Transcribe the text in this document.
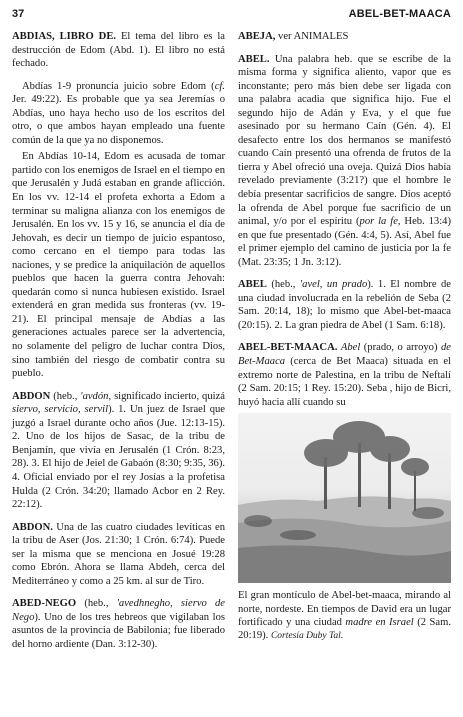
37	ABEL-BET-MAACA

ABDIAS, LIBRO DE. El tema del libro es la destrucción de Edom (Abd. 1). El libro no está fechado.

Abdías 1-9 pronuncia juicio sobre Edom (cf. Jer. 49:22). Es probable que ya sea Jeremías o Abdías, uno haya hecho uso de los escritos del otro, o que ambos hayan empleado una fuente común de la que ya no disponemos.

En Abdías 10-14, Edom es acusada de tomar partido con los enemigos de Israel en el tiempo en que Jerusalén y Judá estaban en grande aflicción. En los vv. 12-14 el profeta exhorta a Edom a terminar su maligna alianza con los enemigos de Jerusalén. En los vv. 15 y 16, se anuncia el día de Jehovah, es decir un tiempo de juicio espantoso, como cercano en el tiempo para todas las naciones, y se predice la aniquilación de aquellos pueblos que hacen la guerra contra Jehovah: quedarán como si nunca hubiesen existido. Israel extenderá en gran medida sus fronteras (vv. 19-21). El principal mensaje de Abdías a las generaciones actuales parece ser la advertencia, no solamente del peligro de luchar contra Dios, sino también del riesgo de combatir contra su pueblo.

ABDON (heb., 'avdón, significado incierto, quizá siervo, servicio, servil). 1. Un juez de Israel que juzgó a Israel durante ocho años (Jue. 12:13-15). 2. Uno de los hijos de Sasac, de la tribu de Benjamín, que vivía en Jerusalén (1 Crón. 8:23, 28). 3. El hijo de Jeiel de Gabaón (8:30; 9:35, 36). 4. Oficial enviado por el rey Josías a la profetisa Hulda (2 Crón. 34:20; llamado Acbor en 2 Rey. 22:12).

ABDON. Una de las cuatro ciudades levíticas en la tribu de Aser (Jos. 21:30; 1 Crón. 6:74). Puede ser la misma que se menciona en Josué 19:28 como Ebrón. Ahora se llama Abdeh, cerca del Mediterráneo y como a 25 km. al sur de Tiro.

ABED-NEGO (heb., 'avedhnegho, siervo de Nego). Uno de los tres hebreos que vigilaban los asuntos de la provincia de Babilonia; fue liberado del horno ardiente (Dan. 3:12-30).

ABEJA, ver ANIMALES

ABEL. Una palabra heb. que se escribe de la misma forma y significa aliento, vapor que es inconstante; pero más bien debe ser ligada con una palabra acadia que significa hijo. Fue el segundo hijo de Adán y Eva, y el que fue asesinado por su hermano Caín (Gén. 4). El desafecto entre los dos hermanos se manifestó cuando Caín presentó una ofrenda de frutos de la tierra y Abel ofreció una oveja. Quizá Dios había revelado previamente (3:21?) que el hombre le debía presentar sacrificios de sangre. Dios aceptó la ofrenda de Abel porque fue sacrificio de un animal, y/o por el espíritu (por la fe, Heb. 13:4) en que fue presentado (Gén. 4:4, 5). Así, Abel fue el primer ejemplo del camino de justicia por la fe (Mat. 23:35; 1 Jn. 3:12).

ABEL (heb., 'avel, un prado). 1. El nombre de una ciudad involucrada en la rebelión de Seba (2 Sam. 20:14, 18); lo mismo que Abel-bet-maaca (20:15). 2. La gran piedra de Abel (1 Sam. 6:18).

ABEL-BET-MAACA. Abel (prado, o arroyo) de Bet-Maaca (cerca de Bet Maaca) situada en el extremo norte de Palestina, en la tribu de Neftalí (2 Sam. 20:15; 1 Rey. 15:20). Seba , hijo de Bicri, huyó hacia allí cuando su

El gran montículo de Abel-bet-maaca, mirando al norte, nordeste. En tiempos de David era un lugar fortificado y una ciudad madre en Israel (2 Sam. 20:19). Cortesía Duby Tal.
